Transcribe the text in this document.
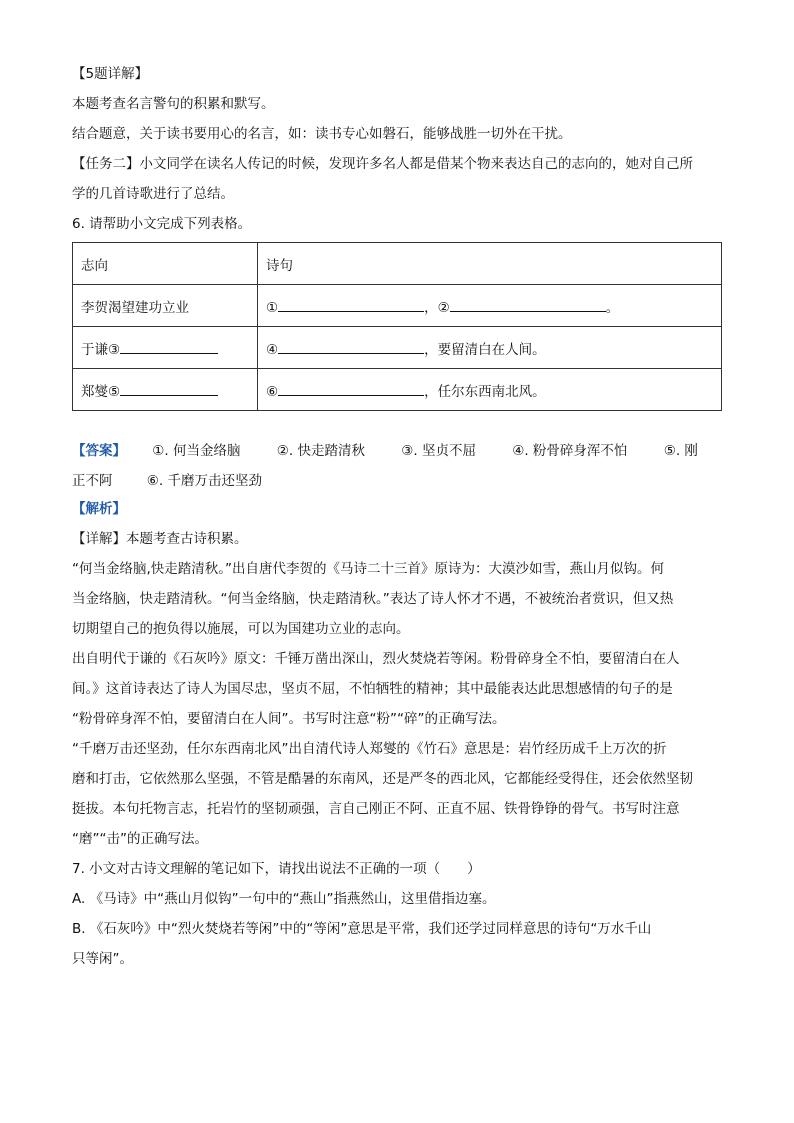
【5题详解】

本题考查名言警句的积累和默写。

结合题意，关于读书要用心的名言，如：读书专心如磐石，能够战胜一切外在干扰。

【任务二】小文同学在读名人传记的时候，发现许多名人都是借某个物来表达自己的志向的，她对自己所

学的几首诗歌进行了总结。

6. 请帮助小文完成下列表格。

志向	诗句
李贺渴望建功立业	① ，② 。
于谦③	④ ，要留清白在人间。
郑燮⑤	⑥ ，任尔东西南北风。
【答案】 ①. 何当金络脑	②. 快走踏清秋	③. 坚贞不屈	④. 粉骨碎身浑不怕	⑤. 刚
正不阿	⑥. 千磨万击还坚劲

【解析】

【详解】本题考查古诗积累。

“何当金络脑,快走踏清秋。”出自唐代李贺的《马诗二十三首》原诗为：大漠沙如雪，燕山月似钩。何

当金络脑，快走踏清秋。“何当金络脑，快走踏清秋。”表达了诗人怀才不遇，不被统治者赏识，但又热

切期望自己的抱负得以施展，可以为国建功立业的志向。

出自明代于谦的《石灰吟》原文：千锤万凿出深山，烈火焚烧若等闲。粉骨碎身全不怕，要留清白在人

间。》这首诗表达了诗人为国尽忠，坚贞不屈，不怕牺牲的精神；其中最能表达此思想感情的句子的是

“粉骨碎身浑不怕，要留清白在人间”。书写时注意“粉”“碎”的正确写法。

“千磨万击还坚劲，任尔东西南北风”出自清代诗人郑燮的《竹石》意思是：岩竹经历成千上万次的折

磨和打击，它依然那么坚强，不管是酷暑的东南风，还是严冬的西北风，它都能经受得住，还会依然坚韧

挺拔。本句托物言志，托岩竹的坚韧顽强，言自己刚正不阿、正直不屈、铁骨铮铮的骨气。书写时注意

“磨”“击”的正确写法。

7. 小文对古诗文理解的笔记如下，请找出说法不正确的一项（　　）

A. 《马诗》中“燕山月似钩”一句中的“燕山”指燕然山，这里借指边塞。

B. 《石灰吟》中“烈火焚烧若等闲”中的“等闲”意思是平常，我们还学过同样意思的诗句“万水千山

只等闲”。
